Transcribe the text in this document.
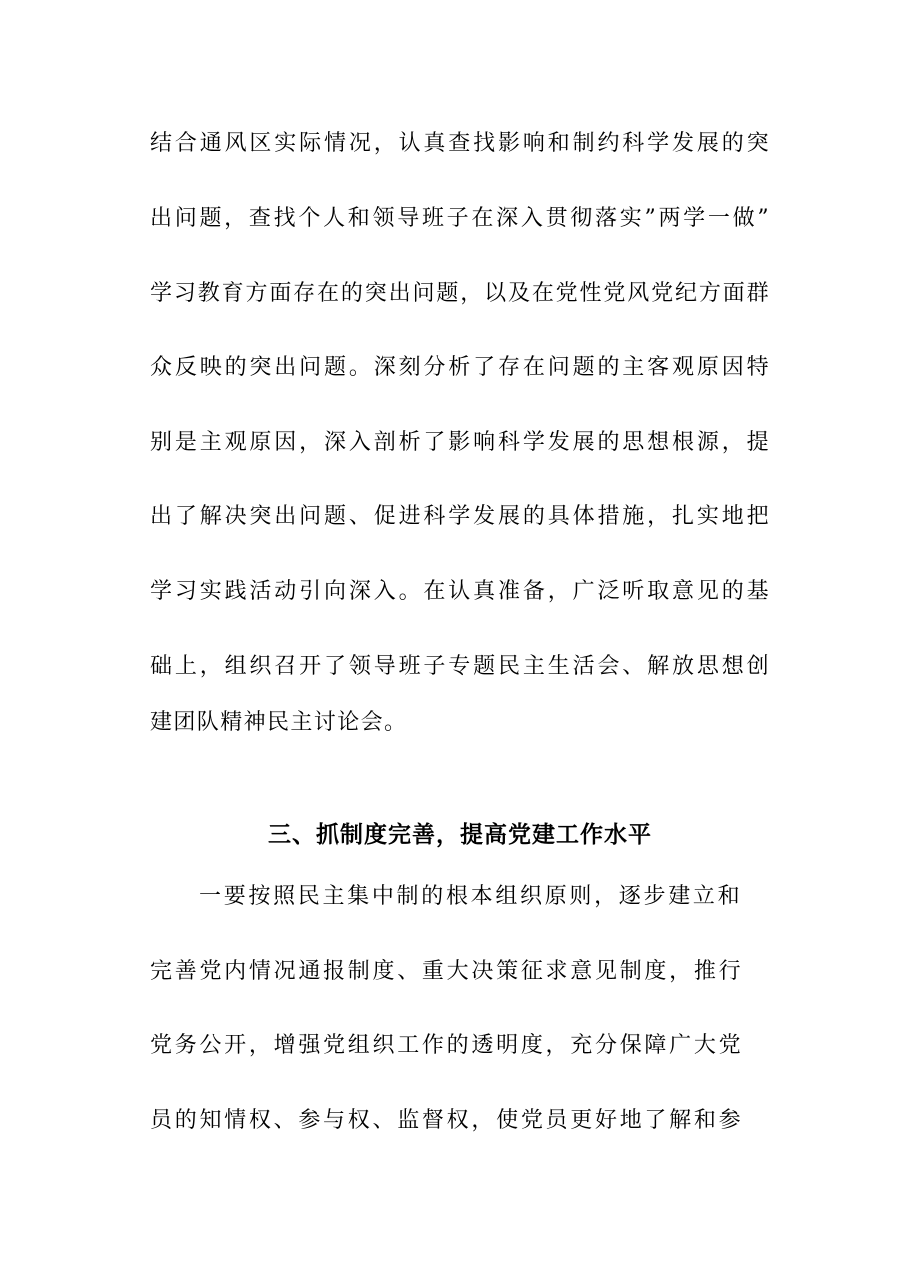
结合通风区实际情况，认真查找影响和制约科学发展的突
出问题，查找个人和领导班子在深入贯彻落实”两学一做”
学习教育方面存在的突出问题，以及在党性党风党纪方面群
众反映的突出问题。深刻分析了存在问题的主客观原因特
别是主观原因，深入剖析了影响科学发展的思想根源，提
出了解决突出问题、促进科学发展的具体措施，扎实地把
学习实践活动引向深入。在认真准备，广泛听取意见的基
础上，组织召开了领导班子专题民主生活会、解放思想创
建团队精神民主讨论会。
三、抓制度完善，提高党建工作水平
一要按照民主集中制的根本组织原则，逐步建立和
完善党内情况通报制度、重大决策征求意见制度，推行
党务公开，增强党组织工作的透明度，充分保障广大党
员的知情权、参与权、监督权，使党员更好地了解和参
